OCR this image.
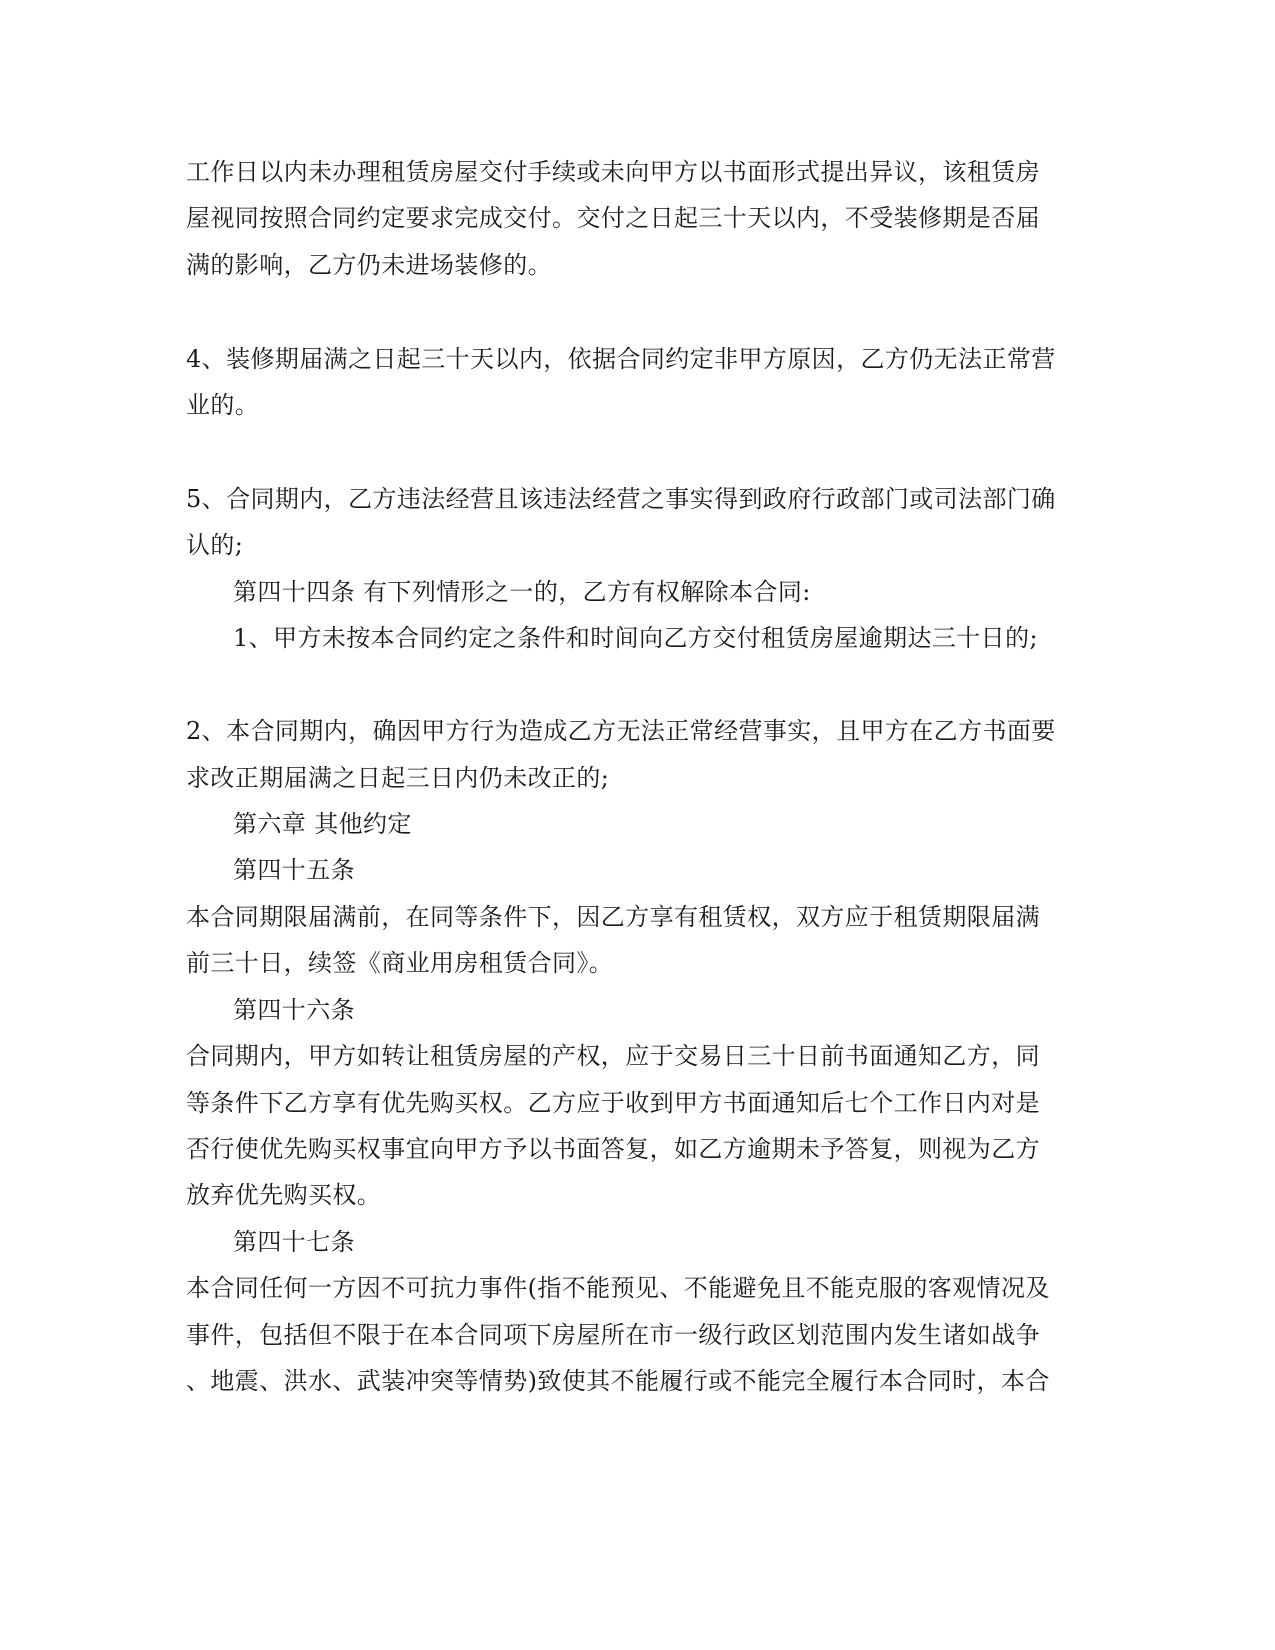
工作日以内未办理租赁房屋交付手续或未向甲方以书面形式提出异议，该租赁房
屋视同按照合同约定要求完成交付。交付之日起三十天以内，不受装修期是否届
满的影响，乙方仍未进场装修的。
4、装修期届满之日起三十天以内，依据合同约定非甲方原因，乙方仍无法正常营
业的。
5、合同期内，乙方违法经营且该违法经营之事实得到政府行政部门或司法部门确
认的;
第四十四条 有下列情形之一的，乙方有权解除本合同:
1、甲方未按本合同约定之条件和时间向乙方交付租赁房屋逾期达三十日的;
2、本合同期内，确因甲方行为造成乙方无法正常经营事实，且甲方在乙方书面要
求改正期届满之日起三日内仍未改正的;
第六章 其他约定
第四十五条
本合同期限届满前，在同等条件下，因乙方享有租赁权，双方应于租赁期限届满
前三十日，续签《商业用房租赁合同》。
第四十六条
合同期内，甲方如转让租赁房屋的产权，应于交易日三十日前书面通知乙方，同
等条件下乙方享有优先购买权。乙方应于收到甲方书面通知后七个工作日内对是
否行使优先购买权事宜向甲方予以书面答复，如乙方逾期未予答复，则视为乙方
放弃优先购买权。
第四十七条
本合同任何一方因不可抗力事件(指不能预见、不能避免且不能克服的客观情况及
事件，包括但不限于在本合同项下房屋所在市一级行政区划范围内发生诸如战争
、地震、洪水、武装冲突等情势)致使其不能履行或不能完全履行本合同时，本合
